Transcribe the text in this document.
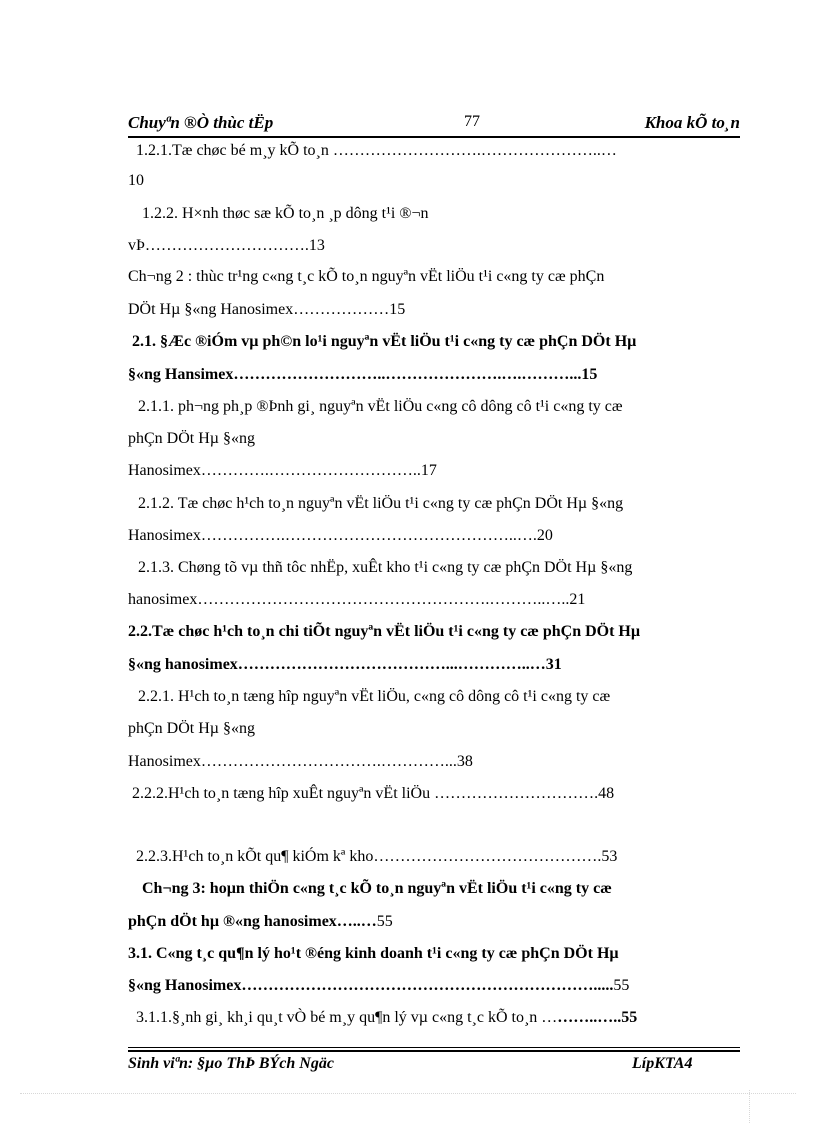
Chuyªn ®Ò thùc tËp	77	Khoa kÕ to¸n
1.2.1.Tæ chøc bé m¸y kÕ to¸n ……………………….…………………..…
10
1.2.2. H×nh thøc sæ kÕ to¸n ¸p dông t¹i ®¬n
vÞ………………………….13
Ch¬ng 2 : thùc tr¹ng c«ng t¸c kÕ to¸n nguyªn vËt liÖu t¹i c«ng ty cæ phÇn
DÖt Hµ §«ng Hanosimex………………15
2.1. §Æc ®iÓm vµ ph©n lo¹i nguyªn vËt liÖu t¹i c«ng ty cæ phÇn DÖt Hµ
§«ng Hansimex………………………..………………….….………...15
2.1.1. ph¬ng ph¸p ®Þnh gi¸ nguyªn vËt liÖu c«ng cô dông cô t¹i c«ng ty cæ
phÇn DÖt Hµ §«ng
Hanosimex………….………………………..17
2.1.2. Tæ chøc h¹ch to¸n nguyªn vËt liÖu t¹i c«ng ty cæ phÇn DÖt Hµ §«ng
Hanosimex…………….……………………………………..….20
2.1.3. Chøng tõ vµ thñ tôc nhËp, xuÊt kho t¹i c«ng ty cæ phÇn DÖt Hµ §«ng
hanosimex……………………………………………….………..…..21
2.2.Tæ chøc h¹ch to¸n chi tiÕt nguyªn vËt liÖu t¹i c«ng ty cæ phÇn DÖt Hµ
§«ng hanosimex…………………………………...…………..…31
2.2.1. H¹ch to¸n tæng hîp nguyªn vËt liÖu, c«ng cô dông cô t¹i c«ng ty cæ
phÇn DÖt Hµ §«ng
Hanosimex…………………………….…………...38
2.2.2.H¹ch to¸n tæng hîp xuÊt nguyªn vËt liÖu ………………………….48
2.2.3.H¹ch to¸n kÕt qu¶ kiÓm kª kho…………………………………….53
Ch¬ng 3: hoµn thiÖn c«ng t¸c kÕ to¸n nguyªn vËt liÖu t¹i c«ng ty cæ
phÇn dÖt hµ ®«ng hanosimex…..…55
3.1. C«ng t¸c qu¶n lý ho¹t ®éng kinh doanh t¹i c«ng ty cæ phÇn DÖt Hµ
§«ng Hanosimex………………………………………………………….....55
3.1.1.§¸nh gi¸ kh¸i qu¸t vÒ bé m¸y qu¶n lý vµ c«ng t¸c kÕ to¸n ………..…..55
Sinh viªn: §µo ThÞ BÝch Ngäc	LípKTA4
